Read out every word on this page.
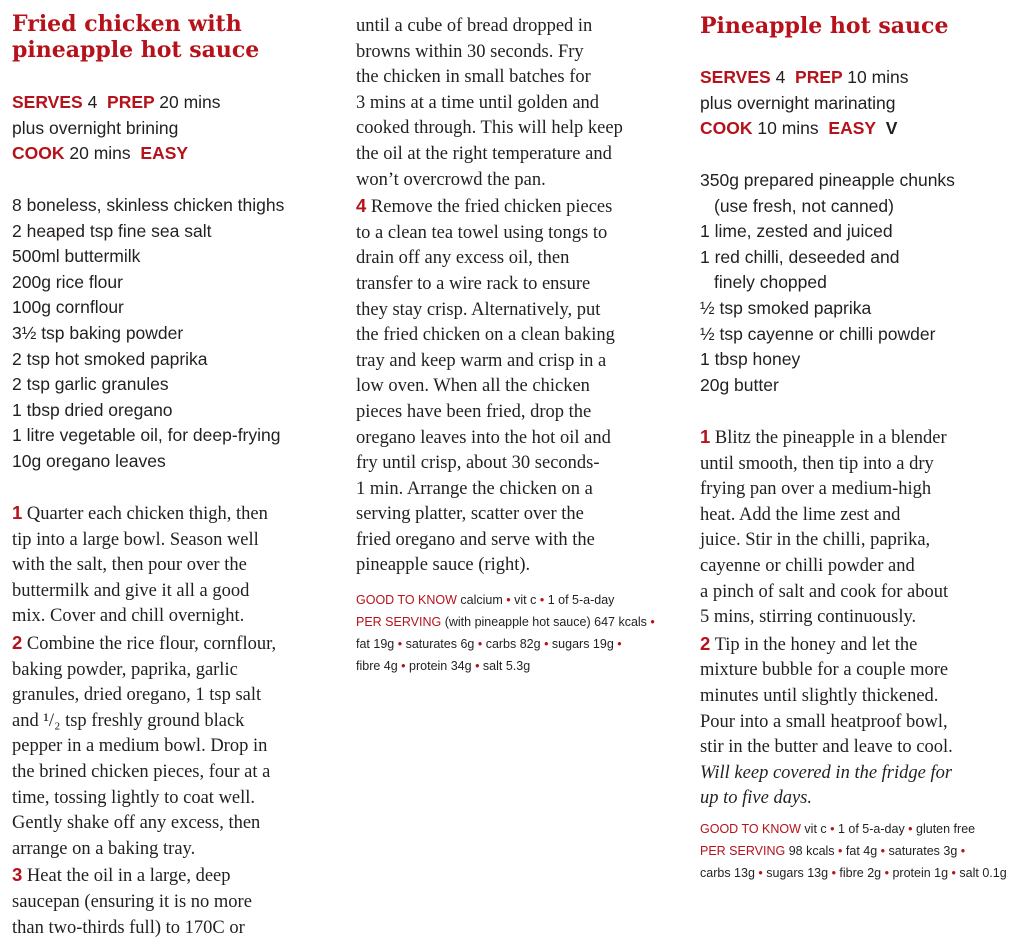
Fried chicken with
pineapple hot sauce
SERVES 4 PREP 20 mins
plus overnight brining
COOK 20 mins EASY
8 boneless, skinless chicken thighs
2 heaped tsp fine sea salt
500ml buttermilk
200g rice flour
100g cornflour
3½ tsp baking powder
2 tsp hot smoked paprika
2 tsp garlic granules
1 tbsp dried oregano
1 litre vegetable oil, for deep-frying
10g oregano leaves
1 Quarter each chicken thigh, then
tip into a large bowl. Season well
with the salt, then pour over the
buttermilk and give it all a good
mix. Cover and chill overnight.
2 Combine the rice flour, cornflour,
baking powder, paprika, garlic
granules, dried oregano, 1 tsp salt
and ¹/₂ tsp freshly ground black
pepper in a medium bowl. Drop in
the brined chicken pieces, four at a
time, tossing lightly to coat well.
Gently shake off any excess, then
arrange on a baking tray.
3 Heat the oil in a large, deep
saucepan (ensuring it is no more
than two-thirds full) to 170C or
until a cube of bread dropped in
browns within 30 seconds. Fry
the chicken in small batches for
3 mins at a time until golden and
cooked through. This will help keep
the oil at the right temperature and
won’t overcrowd the pan.
4 Remove the fried chicken pieces
to a clean tea towel using tongs to
drain off any excess oil, then
transfer to a wire rack to ensure
they stay crisp. Alternatively, put
the fried chicken on a clean baking
tray and keep warm and crisp in a
low oven. When all the chicken
pieces have been fried, drop the
oregano leaves into the hot oil and
fry until crisp, about 30 seconds-
1 min. Arrange the chicken on a
serving platter, scatter over the
fried oregano and serve with the
pineapple sauce (right).
GOOD TO KNOW calcium • vit c • 1 of 5-a-day
PER SERVING (with pineapple hot sauce) 647 kcals •
fat 19g • saturates 6g • carbs 82g • sugars 19g •
fibre 4g • protein 34g • salt 5.3g
Pineapple hot sauce
SERVES 4 PREP 10 mins
plus overnight marinating
COOK 10 mins EASY V
350g prepared pineapple chunks
(use fresh, not canned)
1 lime, zested and juiced
1 red chilli, deseeded and
finely chopped
½ tsp smoked paprika
½ tsp cayenne or chilli powder
1 tbsp honey
20g butter
1 Blitz the pineapple in a blender
until smooth, then tip into a dry
frying pan over a medium-high
heat. Add the lime zest and
juice. Stir in the chilli, paprika,
cayenne or chilli powder and
a pinch of salt and cook for about
5 mins, stirring continuously.
2 Tip in the honey and let the
mixture bubble for a couple more
minutes until slightly thickened.
Pour into a small heatproof bowl,
stir in the butter and leave to cool.
Will keep covered in the fridge for
up to five days.
GOOD TO KNOW vit c • 1 of 5-a-day • gluten free
PER SERVING 98 kcals • fat 4g • saturates 3g •
carbs 13g • sugars 13g • fibre 2g • protein 1g • salt 0.1g
